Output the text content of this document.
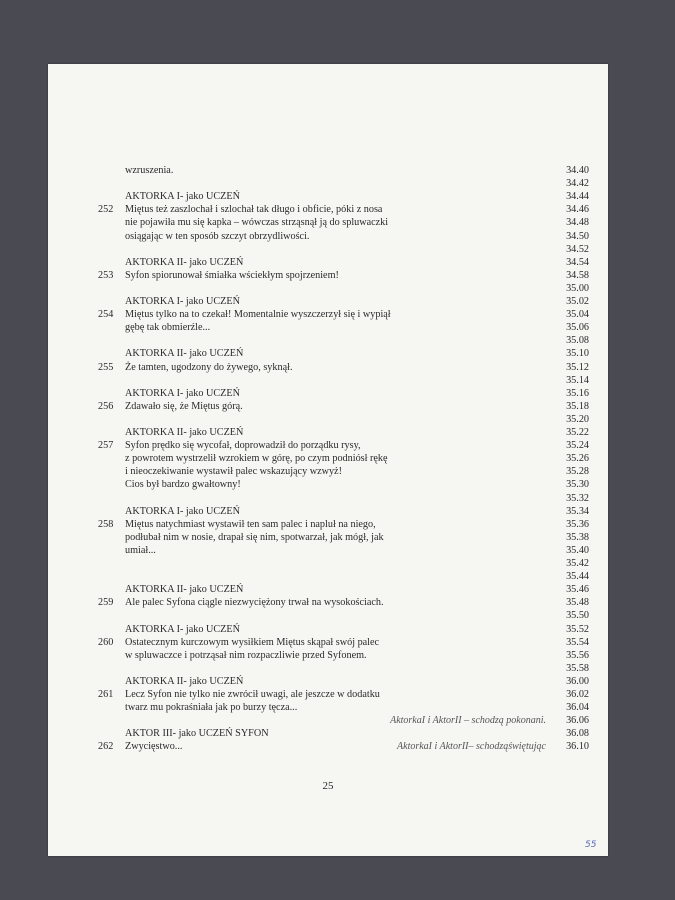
wzruszenia.	34.40
34.42
AKTORKA I- jako UCZEŃ	34.44
252	Miętus też zaszlochał i szlochał tak długo i obficie, póki z nosa	34.46
nie pojawiła mu się kapka – wówczas strząsnął ją do spluwaczki	34.48
osiągając w ten sposób szczyt obrzydliwości.	34.50
34.52
AKTORKA II- jako UCZEŃ	34.54
253	Syfon spiorunował śmiałka wściekłym spojrzeniem!	34.58
35.00
AKTORKA I- jako UCZEŃ	35.02
254	Miętus tylko na to czekał! Momentalnie wyszczerzył się i wypiął	35.04
gębę tak obmierźle...	35.06
35.08
AKTORKA II- jako UCZEŃ	35.10
255	Że tamten, ugodzony do żywego, syknął.	35.12
35.14
AKTORKA I- jako UCZEŃ	35.16
256	Zdawało się, że Miętus górą.	35.18
35.20
AKTORKA II- jako UCZEŃ	35.22
257	Syfon prędko się wycofał, doprowadził do porządku rysy,	35.24
z powrotem wystrzelił wzrokiem w górę, po czym podniósł rękę	35.26
i nieoczekiwanie wystawił palec wskazujący wzwyż!	35.28
Cios był bardzo gwałtowny!	35.30
35.32
AKTORKA I- jako UCZEŃ	35.34
258	Miętus natychmiast wystawił ten sam palec i napluł na niego,	35.36
podłubał nim w nosie, drapał się nim, spotwarzał, jak mógł, jak	35.38
umiał...	35.40
35.42
35.44
AKTORKA II- jako UCZEŃ	35.46
259	Ale palec Syfona ciągle niezwyciężony trwał na wysokościach.	35.48
35.50
AKTORKA I- jako UCZEŃ	35.52
260	Ostatecznym kurczowym wysiłkiem Miętus skąpał swój palec	35.54
w spluwaczce i potrząsał nim rozpaczliwie przed Syfonem.	35.56
35.58
AKTORKA II- jako UCZEŃ	36.00
261	Lecz Syfon nie tylko nie zwrócił uwagi, ale jeszcze w dodatku	36.02
twarz mu pokraśniała jak po burzy tęcza...	36.04
AktorkaI i AktorII – schodzą pokonani. 36.06
AKTOR III- jako UCZEŃ SYFON	36.08
262	Zwycięstwo...	AktorkaI i AktorII– schodząświętując 36.10
25
55
